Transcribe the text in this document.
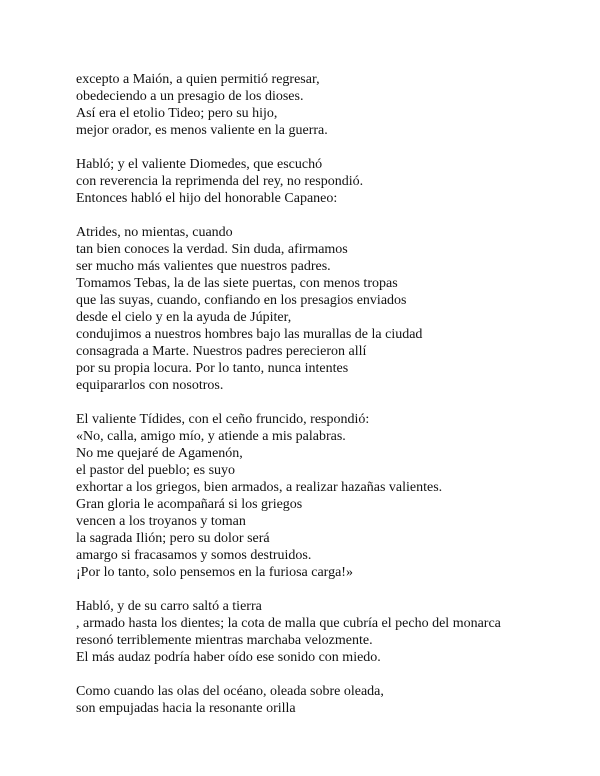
excepto a Maión, a quien permitió regresar,
obedeciendo a un presagio de los dioses.
Así era el etolio Tideo; pero su hijo,
mejor orador, es menos valiente en la guerra.
Habló; y el valiente Diomedes, que escuchó
con reverencia la reprimenda del rey, no respondió.
Entonces habló el hijo del honorable Capaneo:
Atrides, no mientas, cuando
tan bien conoces la verdad. Sin duda, afirmamos
ser mucho más valientes que nuestros padres.
Tomamos Tebas, la de las siete puertas, con menos tropas
que las suyas, cuando, confiando en los presagios enviados
desde el cielo y en la ayuda de Júpiter,
condujimos a nuestros hombres bajo las murallas de la ciudad
consagrada a Marte. Nuestros padres perecieron allí
por su propia locura. Por lo tanto, nunca intentes
equipararlos con nosotros.
El valiente Tídides, con el ceño fruncido, respondió:
«No, calla, amigo mío, y atiende a mis palabras.
No me quejaré de Agamenón,
el pastor del pueblo; es suyo
exhortar a los griegos, bien armados, a realizar hazañas valientes.
Gran gloria le acompañará si los griegos
vencen a los troyanos y toman
la sagrada Ilión; pero su dolor será
amargo si fracasamos y somos destruidos.
¡Por lo tanto, solo pensemos en la furiosa carga!»
Habló, y de su carro saltó a tierra
, armado hasta los dientes; la cota de malla que cubría el pecho del monarca
resonó terriblemente mientras marchaba velozmente.
El más audaz podría haber oído ese sonido con miedo.
Como cuando las olas del océano, oleada sobre oleada,
son empujadas hacia la resonante orilla
